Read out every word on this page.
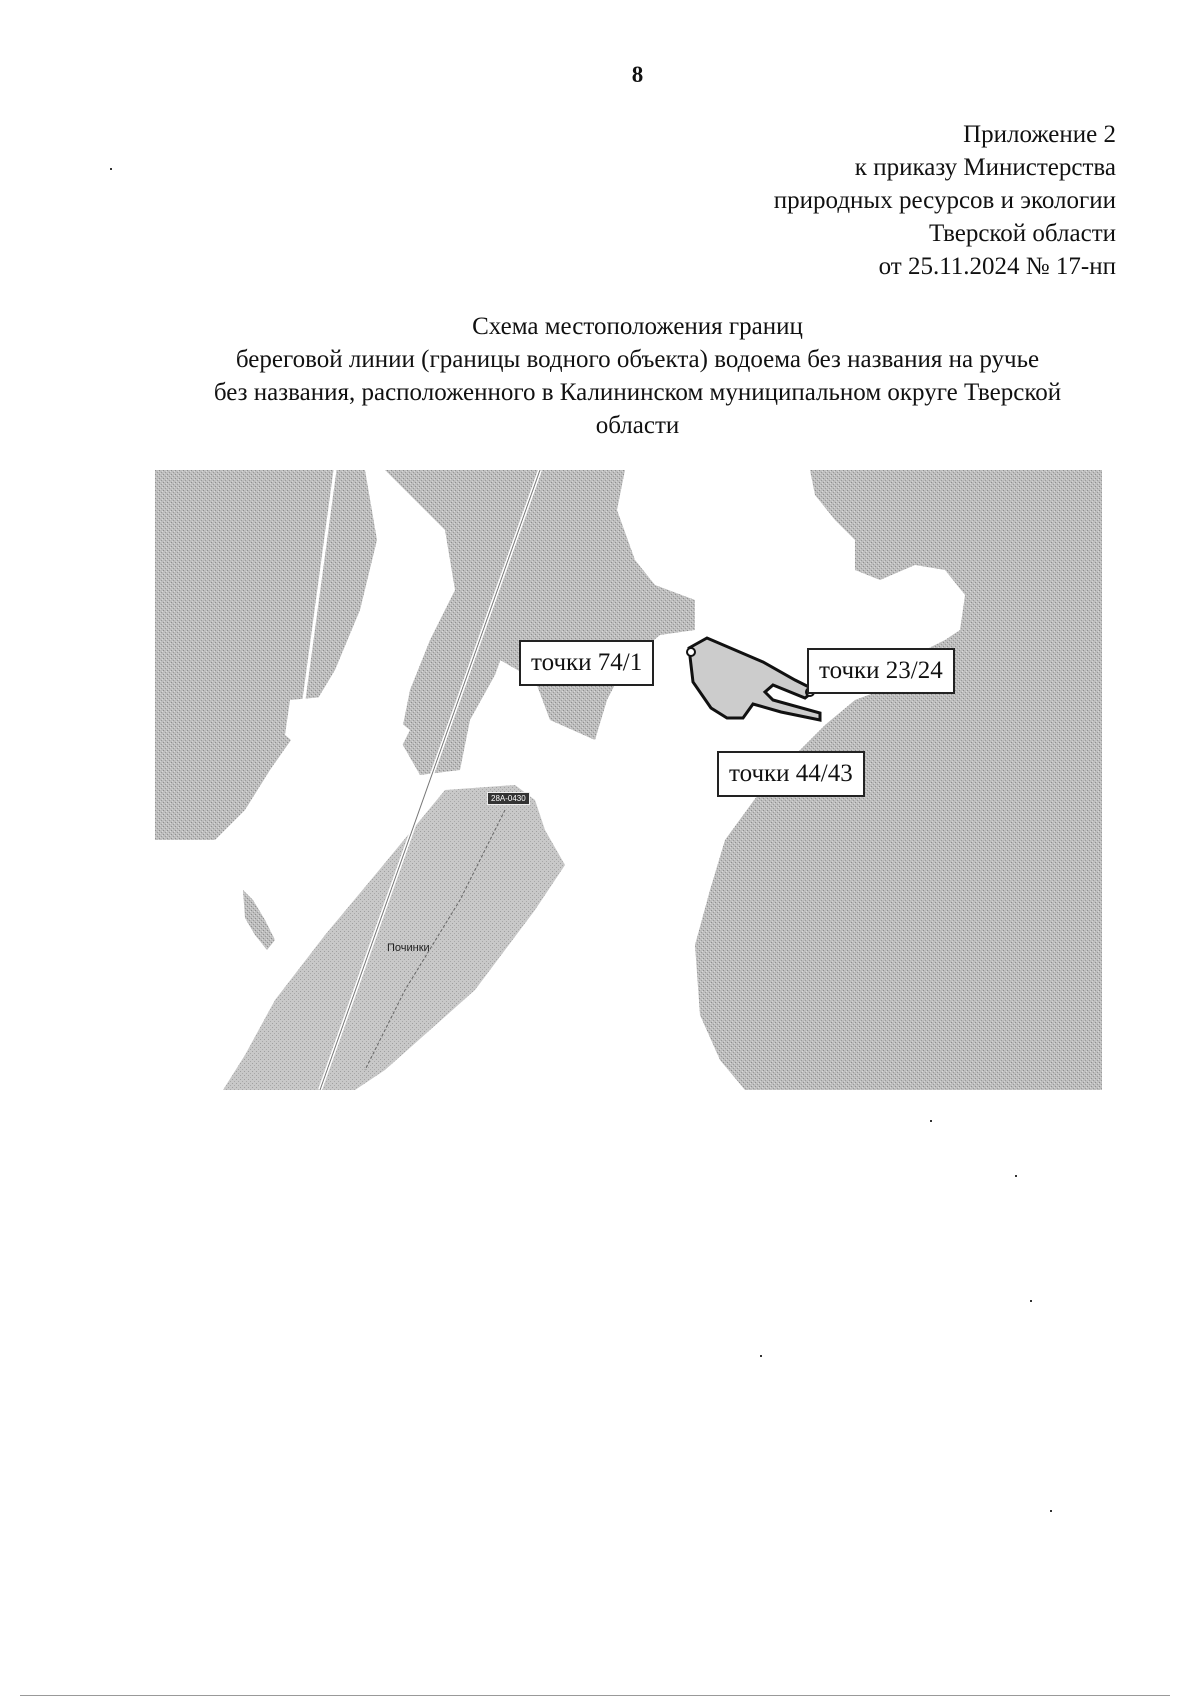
8
Приложение 2
к приказу Министерства
природных ресурсов и экологии
Тверской области
от 25.11.2024 № 17-нп
Схема местоположения границ
береговой линии (границы водного объекта) водоема без названия на ручье
без названия, расположенного в Калининском муниципальном округе Тверской
области
точки 74/1	точки 23/24
точки 44/43
28А-0430
Починки
